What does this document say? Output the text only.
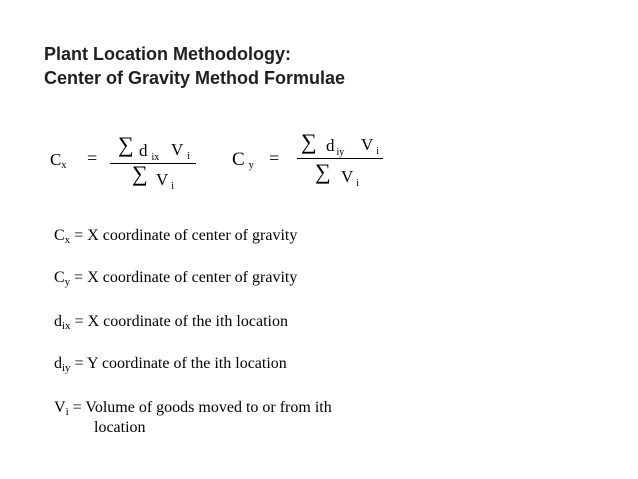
Plant Location Methodology:
Center of Gravity Method Formulae
$C_x$ =
∑ d $_{ix}$ V $_i$
∑ V $_i$
C $_y$ =
∑ d $_{iy}$ V $_i$
∑ V $_i$
Cx = X coordinate of center of gravity
Cy = X coordinate of center of gravity
dix = X coordinate of the ith location
diy = Y coordinate of the ith location
Vi = Volume of goods moved to or from ith
location
